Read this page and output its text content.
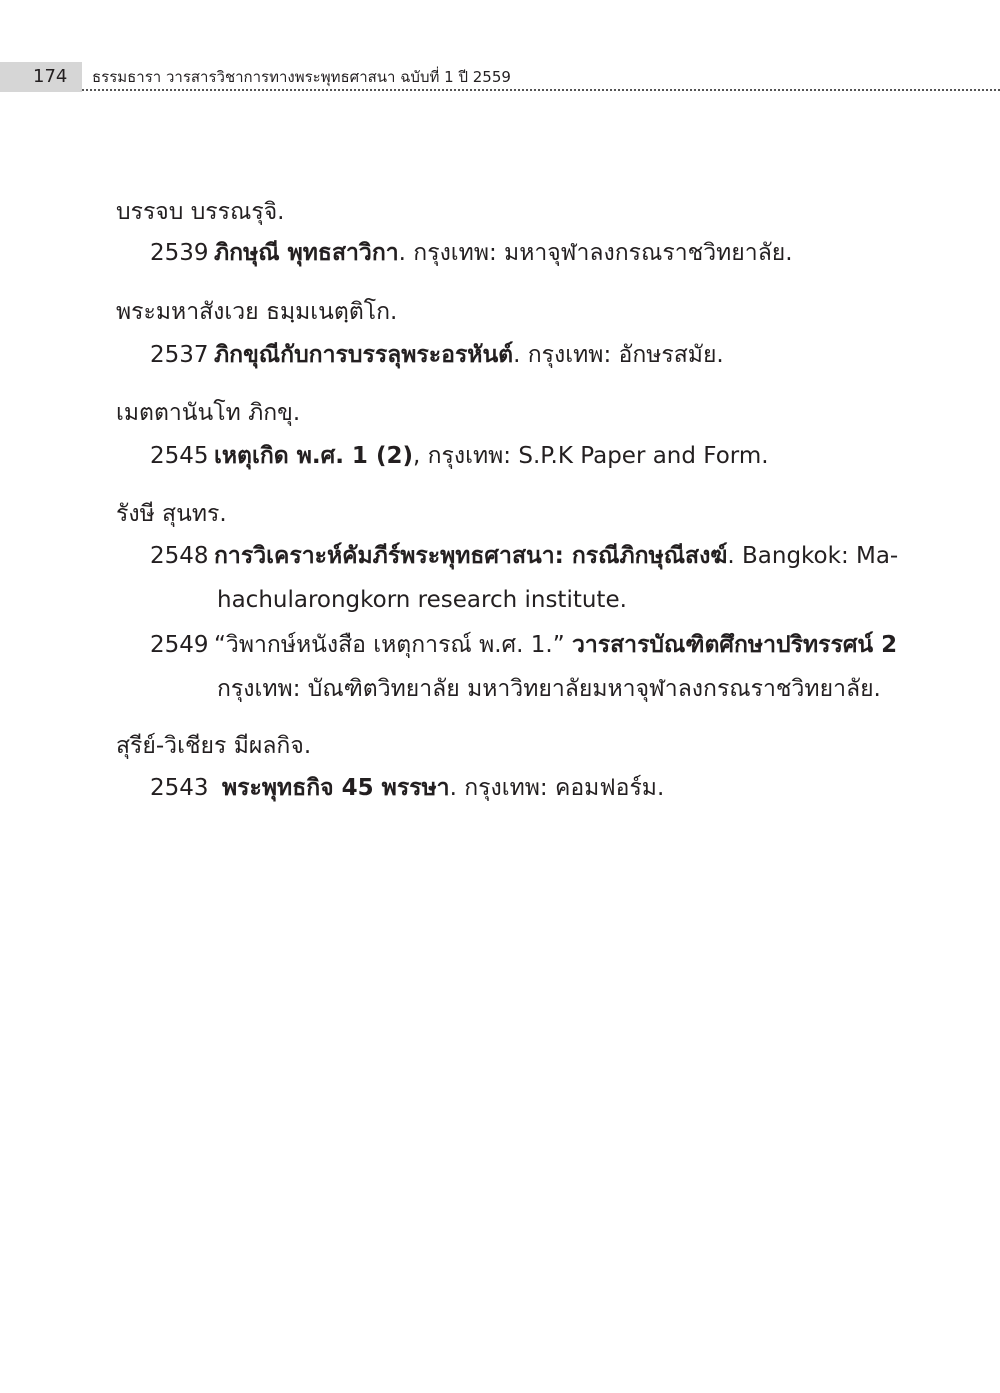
174 ธรรมธารา วารสารวิชาการทางพระพุทธศาสนา ฉบับที่ 1 ปี 2559
บรรจบ บรรณรุจิ.
2539 ภิกษุณี พุทธสาวิกา. กรุงเทพ: มหาจุฬาลงกรณราชวิทยาลัย.
พระมหาสังเวย ธมฺมเนตฺติโก.
2537 ภิกขุณีกับการบรรลุพระอรหันต์. กรุงเทพ: อักษรสมัย.
เมตตานันโท ภิกขุ.
2545 เหตุเกิด พ.ศ. 1 (2), กรุงเทพ: S.P.K Paper and Form.
รังษี สุนทร.
2548 การวิเคราะห์คัมภีร์พระพุทธศาสนา: กรณีภิกษุณีสงฆ์. Bangkok: Ma-
hachularongkorn research institute.
2549 “วิพากษ์หนังสือ เหตุการณ์ พ.ศ. 1.” วารสารบัณฑิตศึกษาปริทรรศน์ 2
กรุงเทพ: บัณฑิตวิทยาลัย มหาวิทยาลัยมหาจุฬาลงกรณราชวิทยาลัย.
สุรีย์-วิเชียร มีผลกิจ.
2543 พระพุทธกิจ 45 พรรษา. กรุงเทพ: คอมฟอร์ม.
